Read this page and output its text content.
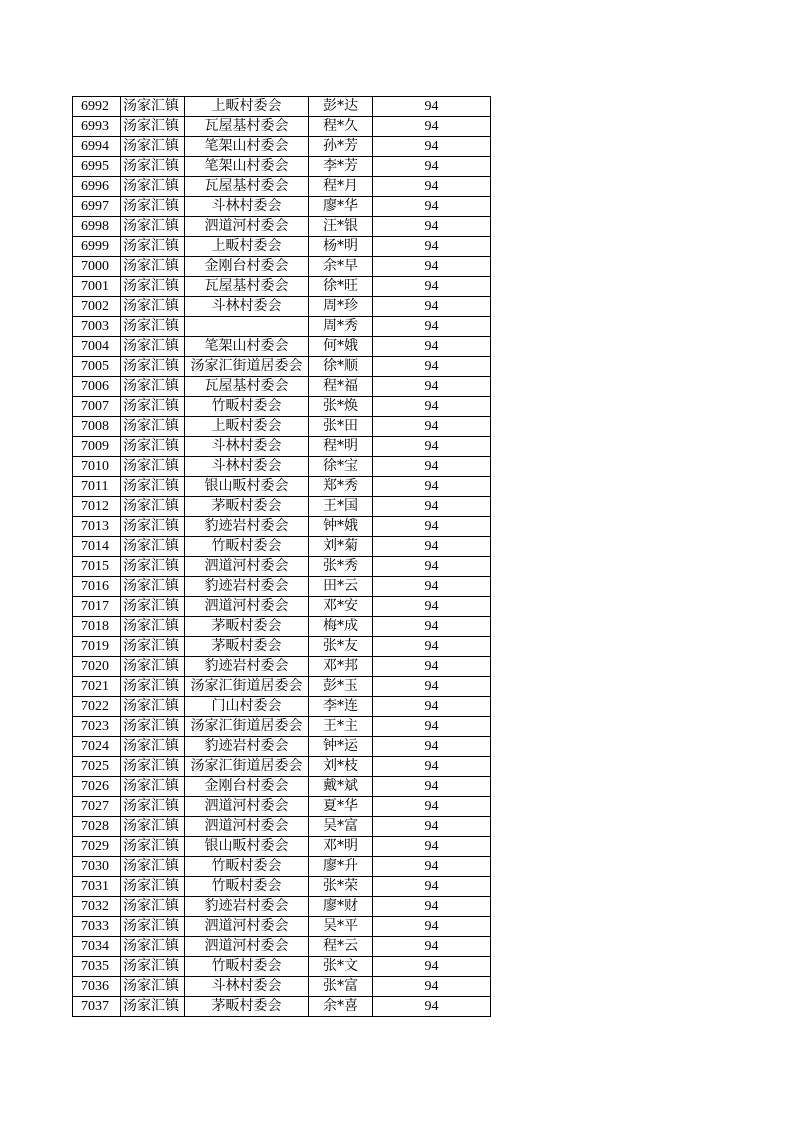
6992	汤家汇镇	上畈村委会	彭*达	94
6993	汤家汇镇	瓦屋基村委会	程*久	94
6994	汤家汇镇	笔架山村委会	孙*芳	94
6995	汤家汇镇	笔架山村委会	李*芳	94
6996	汤家汇镇	瓦屋基村委会	程*月	94
6997	汤家汇镇	斗林村委会	廖*华	94
6998	汤家汇镇	泗道河村委会	汪*银	94
6999	汤家汇镇	上畈村委会	杨*明	94
7000	汤家汇镇	金刚台村委会	余*早	94
7001	汤家汇镇	瓦屋基村委会	徐*旺	94
7002	汤家汇镇	斗林村委会	周*珍	94
7003	汤家汇镇		周*秀	94
7004	汤家汇镇	笔架山村委会	何*娥	94
7005	汤家汇镇	汤家汇街道居委会	徐*顺	94
7006	汤家汇镇	瓦屋基村委会	程*福	94
7007	汤家汇镇	竹畈村委会	张*焕	94
7008	汤家汇镇	上畈村委会	张*田	94
7009	汤家汇镇	斗林村委会	程*明	94
7010	汤家汇镇	斗林村委会	徐*宝	94
7011	汤家汇镇	银山畈村委会	郑*秀	94
7012	汤家汇镇	茅畈村委会	王*国	94
7013	汤家汇镇	豹迹岩村委会	钟*娥	94
7014	汤家汇镇	竹畈村委会	刘*菊	94
7015	汤家汇镇	泗道河村委会	张*秀	94
7016	汤家汇镇	豹迹岩村委会	田*云	94
7017	汤家汇镇	泗道河村委会	邓*安	94
7018	汤家汇镇	茅畈村委会	梅*成	94
7019	汤家汇镇	茅畈村委会	张*友	94
7020	汤家汇镇	豹迹岩村委会	邓*邦	94
7021	汤家汇镇	汤家汇街道居委会	彭*玉	94
7022	汤家汇镇	门山村委会	李*连	94
7023	汤家汇镇	汤家汇街道居委会	王*主	94
7024	汤家汇镇	豹迹岩村委会	钟*运	94
7025	汤家汇镇	汤家汇街道居委会	刘*枝	94
7026	汤家汇镇	金刚台村委会	戴*斌	94
7027	汤家汇镇	泗道河村委会	夏*华	94
7028	汤家汇镇	泗道河村委会	吴*富	94
7029	汤家汇镇	银山畈村委会	邓*明	94
7030	汤家汇镇	竹畈村委会	廖*升	94
7031	汤家汇镇	竹畈村委会	张*荣	94
7032	汤家汇镇	豹迹岩村委会	廖*财	94
7033	汤家汇镇	泗道河村委会	吴*平	94
7034	汤家汇镇	泗道河村委会	程*云	94
7035	汤家汇镇	竹畈村委会	张*文	94
7036	汤家汇镇	斗林村委会	张*富	94
7037	汤家汇镇	茅畈村委会	余*喜	94
